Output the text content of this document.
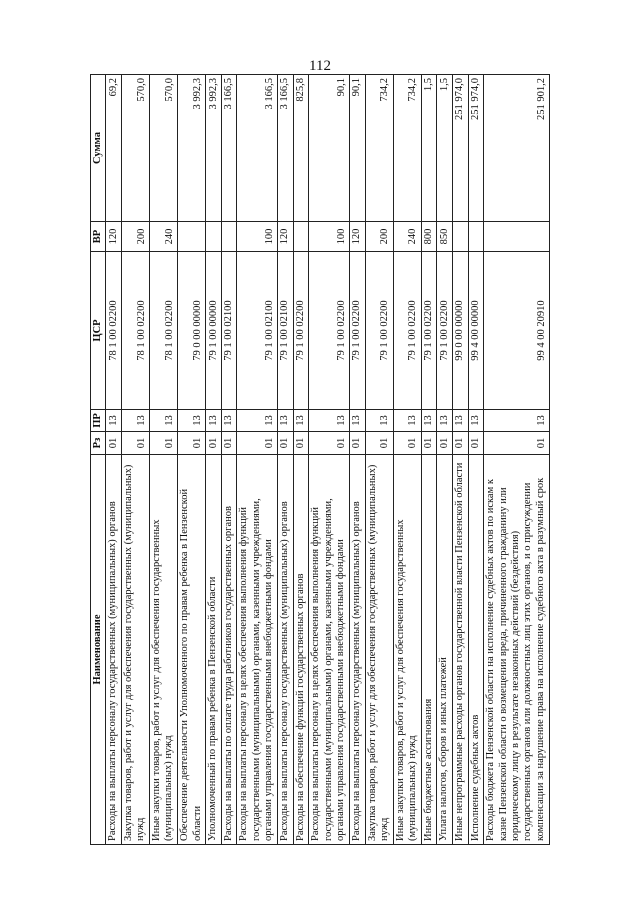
112
Наименование	Рз	ПР	ЦСР	ВР	Сумма
Расходы на выплаты персоналу государственных (муниципальных) органов	01	13	78 1 00 02200	120	69,2
Закупка товаров, работ и услуг для обеспечения государственных (муниципальных) нужд	01	13	78 1 00 02200	200	570,0
Иные закупки товаров, работ и услуг для обеспечения государственных (муниципальных) нужд	01	13	78 1 00 02200	240	570,0
Обеспечение деятельности Уполномоченного по правам ребенка в Пензенской области	01	13	79 0 00 00000		3 992,3
Уполномоченный по правам ребенка в Пензенской области	01	13	79 1 00 00000		3 992,3
Расходы на выплаты по оплате труда работников государственных органов	01	13	79 1 00 02100		3 166,5
Расходы на выплаты персоналу в целях обеспечения выполнения функций государственными (муниципальными) органами, казенными учреждениями, органами управления государственными внебюджетными фондами	01	13	79 1 00 02100	100	3 166,5
Расходы на выплаты персоналу государственных (муниципальных) органов	01	13	79 1 00 02100	120	3 166,5
Расходы на обеспечение функций государственных органов	01	13	79 1 00 02200		825,8
Расходы на выплаты персоналу в целях обеспечения выполнения функций государственными (муниципальными) органами, казенными учреждениями, органами управления государственными внебюджетными фондами	01	13	79 1 00 02200	100	90,1
Расходы на выплаты персоналу государственных (муниципальных) органов	01	13	79 1 00 02200	120	90,1
Закупка товаров, работ и услуг для обеспечения государственных (муниципальных) нужд	01	13	79 1 00 02200	200	734,2
Иные закупки товаров, работ и услуг для обеспечения государственных (муниципальных) нужд	01	13	79 1 00 02200	240	734,2
Иные бюджетные ассигнования	01	13	79 1 00 02200	800	1,5
Уплата налогов, сборов и иных платежей	01	13	79 1 00 02200	850	1,5
Иные непрограммные расходы органов государственной власти Пензенской области	01	13	99 0 00 00000		251 974,0
Исполнение судебных актов	01	13	99 4 00 00000		251 974,0
Расходы бюджета Пензенской области на исполнение судебных актов по искам к казне Пензенской области о возмещении вреда, причиненного гражданину или юридическому лицу в результате незаконных действий (бездействия) государственных органов или должностных лиц этих органов, и о присуждении компенсации за нарушение права на исполнение судебного акта в разумный срок	01	13	99 4 00 20910		251 901,2
